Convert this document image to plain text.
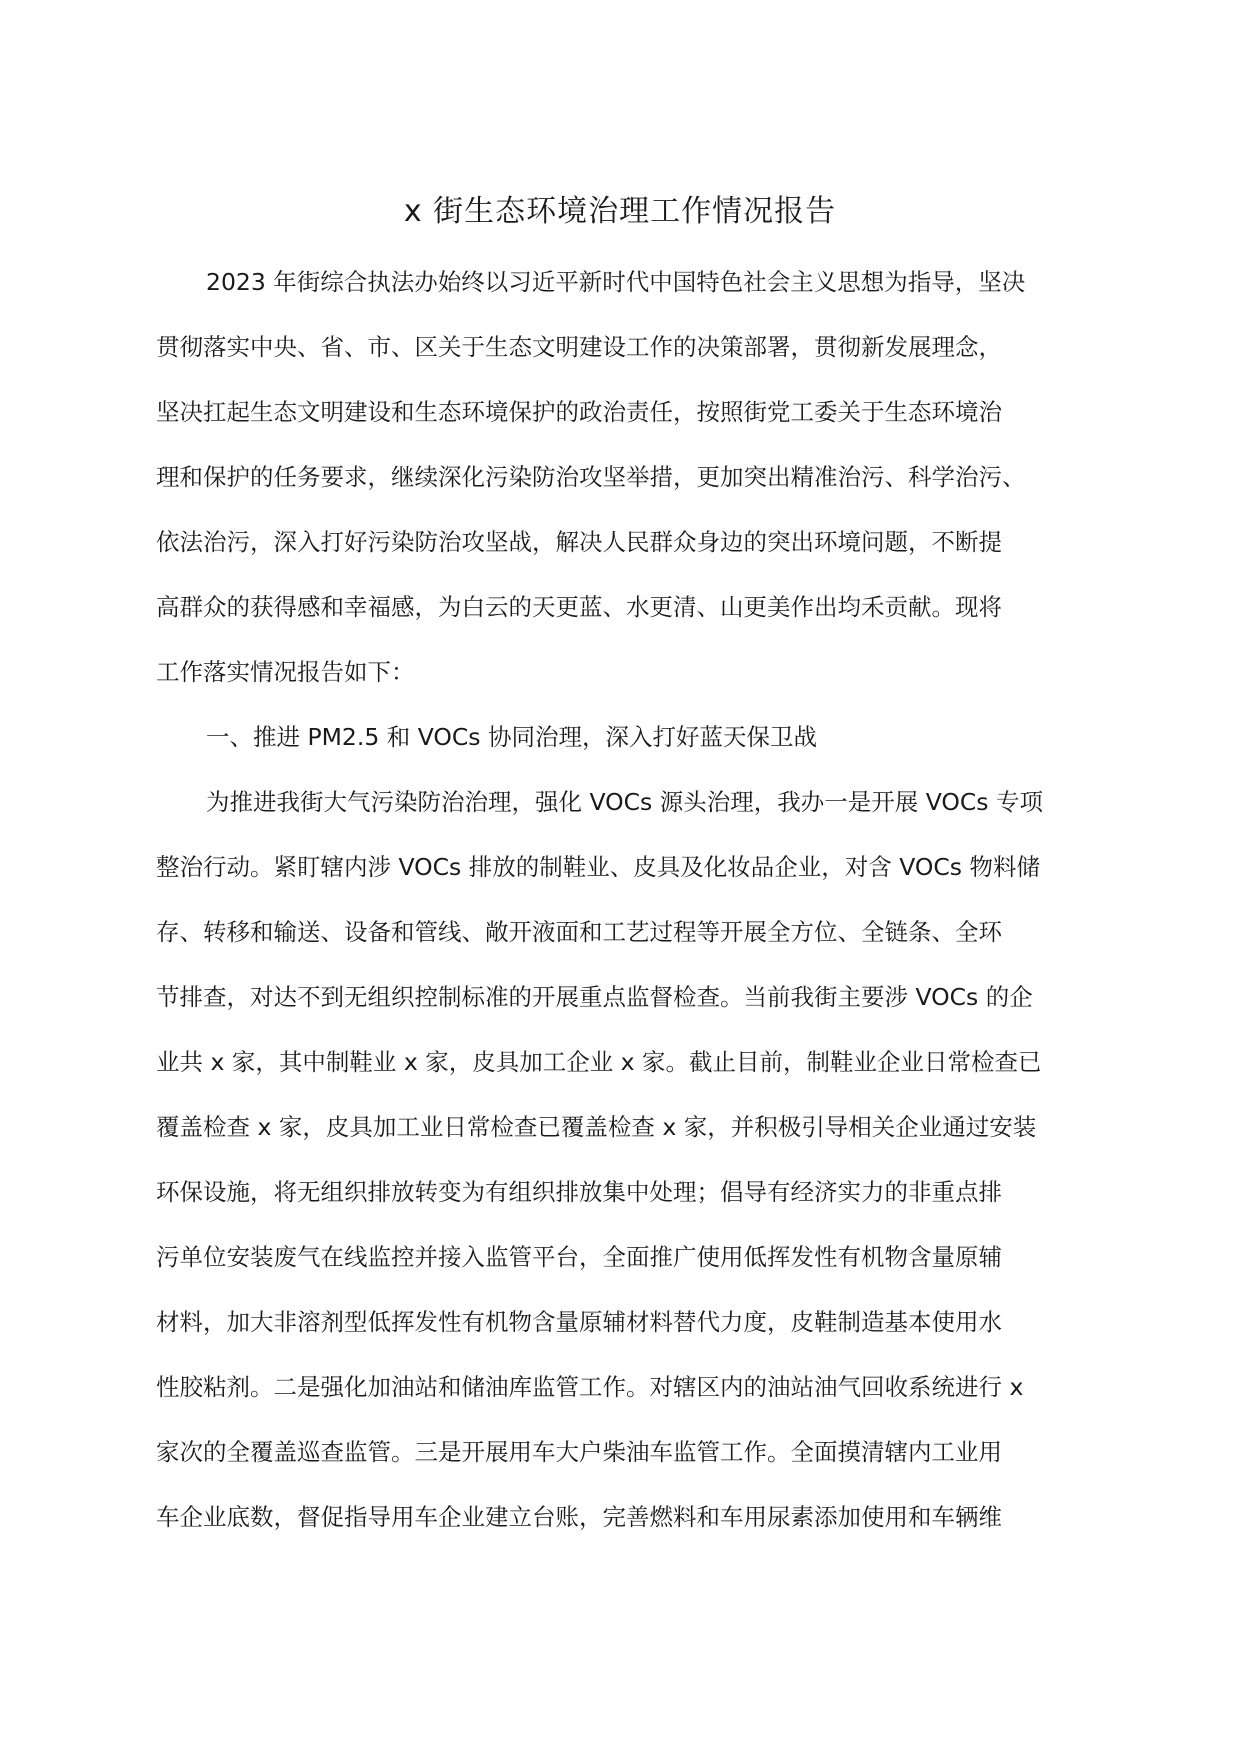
x 街生态环境治理工作情况报告
2023 年街综合执法办始终以习近平新时代中国特色社会主义思想为指导，坚决
贯彻落实中央、省、市、区关于生态文明建设工作的决策部署，贯彻新发展理念，
坚决扛起生态文明建设和生态环境保护的政治责任，按照街党工委关于生态环境治
理和保护的任务要求，继续深化污染防治攻坚举措，更加突出精准治污、科学治污、
依法治污，深入打好污染防治攻坚战，解决人民群众身边的突出环境问题，不断提
高群众的获得感和幸福感，为白云的天更蓝、水更清、山更美作出均禾贡献。现将
工作落实情况报告如下：
一、推进 PM2.5 和 VOCs 协同治理，深入打好蓝天保卫战
为推进我街大气污染防治治理，强化 VOCs 源头治理，我办一是开展 VOCs 专项
整治行动。紧盯辖内涉 VOCs 排放的制鞋业、皮具及化妆品企业，对含 VOCs 物料储
存、转移和输送、设备和管线、敞开液面和工艺过程等开展全方位、全链条、全环
节排查，对达不到无组织控制标准的开展重点监督检查。当前我街主要涉 VOCs 的企
业共 x 家，其中制鞋业 x 家，皮具加工企业 x 家。截止目前，制鞋业企业日常检查已
覆盖检查 x 家，皮具加工业日常检查已覆盖检查 x 家，并积极引导相关企业通过安装
环保设施，将无组织排放转变为有组织排放集中处理；倡导有经济实力的非重点排
污单位安装废气在线监控并接入监管平台，全面推广使用低挥发性有机物含量原辅
材料，加大非溶剂型低挥发性有机物含量原辅材料替代力度，皮鞋制造基本使用水
性胶粘剂。二是强化加油站和储油库监管工作。对辖区内的油站油气回收系统进行 x
家次的全覆盖巡查监管。三是开展用车大户柴油车监管工作。全面摸清辖内工业用
车企业底数，督促指导用车企业建立台账，完善燃料和车用尿素添加使用和车辆维
